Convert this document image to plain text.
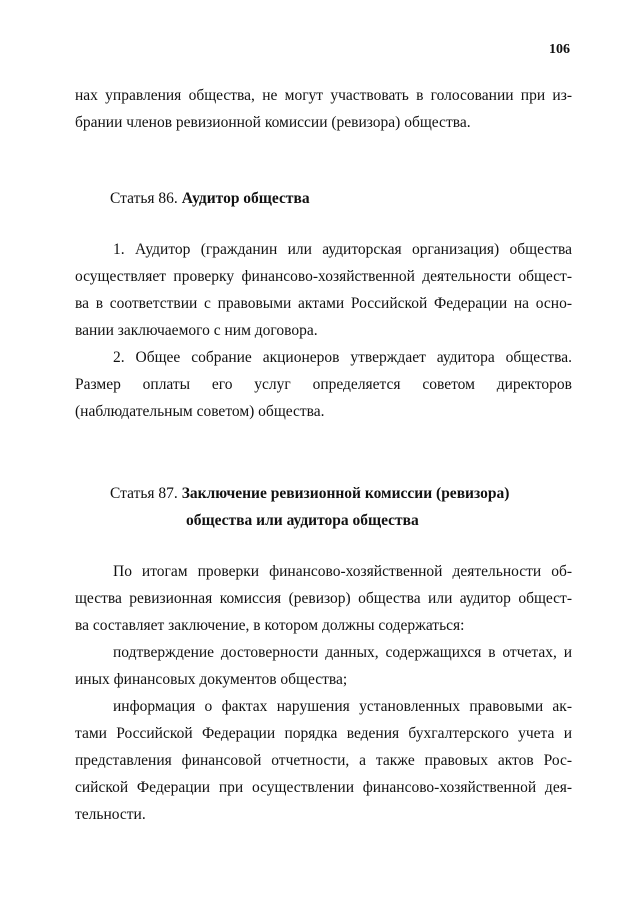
106
нах управления общества, не могут участвовать в голосовании при из-
брании членов ревизионной комиссии (ревизора) общества.
Статья 86. Аудитор общества
1. Аудитор (гражданин или аудиторская организация) общества
осуществляет проверку финансово-хозяйственной деятельности общест-
ва в соответствии с правовыми актами Российской Федерации на осно-
вании заключаемого с ним договора.
2. Общее собрание акционеров утверждает аудитора общества.
Размер оплаты его услуг определяется советом директоров
(наблюдательным советом) общества.
Статья 87. Заключение ревизионной комиссии (ревизора)
общества или аудитора общества
По итогам проверки финансово-хозяйственной деятельности об-
щества ревизионная комиссия (ревизор) общества или аудитор общест-
ва составляет заключение, в котором должны содержаться:
подтверждение достоверности данных, содержащихся в отчетах, и
иных финансовых документов общества;
информация о фактах нарушения установленных правовыми ак-
тами Российской Федерации порядка ведения бухгалтерского учета и
представления финансовой отчетности, а также правовых актов Рос-
сийской Федерации при осуществлении финансово-хозяйственной дея-
тельности.
